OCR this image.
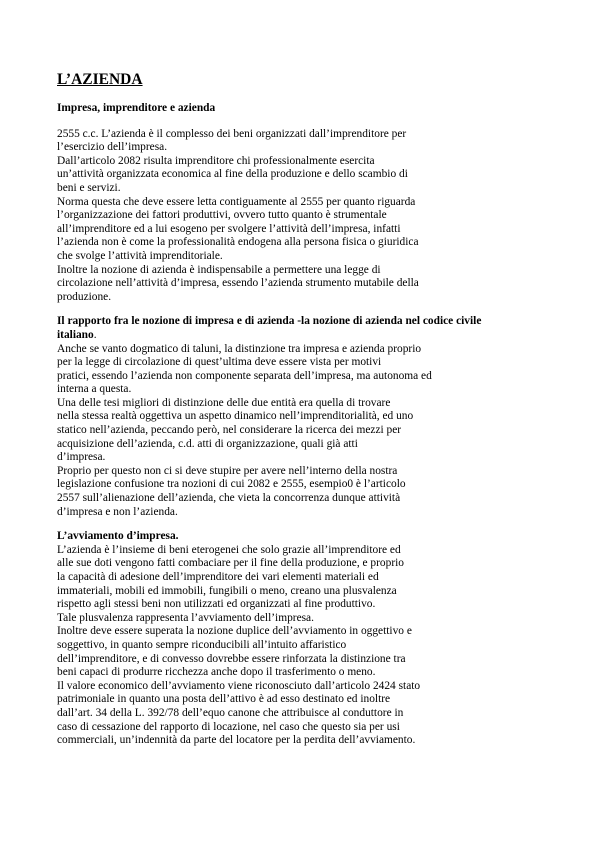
L’AZIENDA
Impresa, imprenditore e azienda
2555 c.c. L’azienda è il complesso dei beni organizzati dall’imprenditore per
l’esercizio dell’impresa.
Dall’articolo 2082 risulta imprenditore chi professionalmente esercita
un’attività organizzata economica al fine della produzione e dello scambio di
beni e servizi.
Norma questa che deve essere letta contiguamente al 2555 per quanto riguarda
l’organizzazione dei fattori produttivi, ovvero tutto quanto è strumentale
all’imprenditore ed a lui esogeno per svolgere l’attività dell’impresa, infatti
l’azienda non è come la professionalità endogena alla persona fisica o giuridica
che svolge l’attività imprenditoriale.
Inoltre la nozione di azienda è indispensabile a permettere una legge di
circolazione nell’attività d’impresa, essendo l’azienda strumento mutabile della
produzione.
Il rapporto fra le nozione di impresa e di azienda -la nozione di azienda nel codice civile
italiano.
Anche se vanto dogmatico di taluni, la distinzione tra impresa e azienda proprio
per la legge di circolazione di quest’ultima deve essere vista per motivi
pratici, essendo l’azienda non componente separata dell’impresa, ma autonoma ed
interna a questa.
Una delle tesi migliori di distinzione delle due entità era quella di trovare
nella stessa realtà oggettiva un aspetto dinamico nell’imprenditorialità, ed uno
statico nell’azienda, peccando però, nel considerare la ricerca dei mezzi per
acquisizione dell’azienda, c.d. atti di organizzazione, quali già atti
d’impresa.
Proprio per questo non ci si deve stupire per avere nell’interno della nostra
legislazione confusione tra nozioni di cui 2082 e 2555, esempio0 è l’articolo
2557 sull’alienazione dell’azienda, che vieta la concorrenza dunque attività
d’impresa e non l’azienda.
L’avviamento d’impresa.
L’azienda è l’insieme di beni eterogenei che solo grazie all’imprenditore ed
alle sue doti vengono fatti combaciare per il fine della produzione, e proprio
la capacità di adesione dell’imprenditore dei vari elementi materiali ed
immateriali, mobili ed immobili, fungibili o meno, creano una plusvalenza
rispetto agli stessi beni non utilizzati ed organizzati al fine produttivo.
Tale plusvalenza rappresenta l’avviamento dell’impresa.
Inoltre deve essere superata la nozione duplice dell’avviamento in oggettivo e
soggettivo, in quanto sempre riconducibili all’intuito affaristico
dell’imprenditore, e di convesso dovrebbe essere rinforzata la distinzione tra
beni capaci di produrre ricchezza anche dopo il trasferimento o meno.
Il valore economico dell’avviamento viene riconosciuto dall’articolo 2424 stato
patrimoniale in quanto una posta dell’attivo è ad esso destinato ed inoltre
dall’art. 34 della L. 392/78 dell’equo canone che attribuisce al conduttore in
caso di cessazione del rapporto di locazione, nel caso che questo sia per usi
commerciali, un’indennità da parte del locatore per la perdita dell’avviamento.
